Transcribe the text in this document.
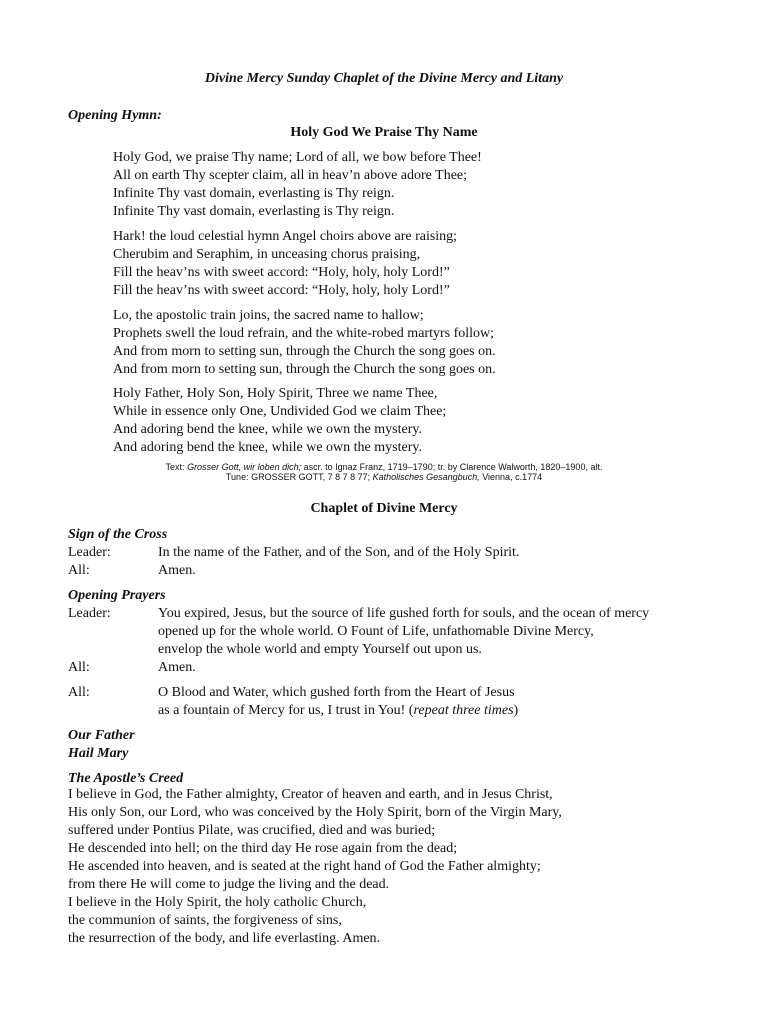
Divine Mercy Sunday Chaplet of the Divine Mercy and Litany
Opening Hymn:
Holy God We Praise Thy Name
Holy God, we praise Thy name; Lord of all, we bow before Thee!
All on earth Thy scepter claim, all in heav’n above adore Thee;
Infinite Thy vast domain, everlasting is Thy reign.
Infinite Thy vast domain, everlasting is Thy reign.
Hark! the loud celestial hymn Angel choirs above are raising;
Cherubim and Seraphim, in unceasing chorus praising,
Fill the heav’ns with sweet accord: “Holy, holy, holy Lord!”
Fill the heav’ns with sweet accord: “Holy, holy, holy Lord!”
Lo, the apostolic train joins, the sacred name to hallow;
Prophets swell the loud refrain, and the white-robed martyrs follow;
And from morn to setting sun, through the Church the song goes on.
And from morn to setting sun, through the Church the song goes on.
Holy Father, Holy Son, Holy Spirit, Three we name Thee,
While in essence only One, Undivided God we claim Thee;
And adoring bend the knee, while we own the mystery.
And adoring bend the knee, while we own the mystery.
Text: Grosser Gott, wir loben dich; ascr. to Ignaz Franz, 1719–1790; tr. by Clarence Walworth, 1820–1900, alt.
Tune: GROSSER GOTT, 7 8 7 8 77; Katholisches Gesangbuch, Vienna, c.1774
Chaplet of Divine Mercy
Sign of the Cross
Leader:	In the name of the Father, and of the Son, and of the Holy Spirit.
All:	Amen.
Opening Prayers
Leader:	You expired, Jesus, but the source of life gushed forth for souls, and the ocean of mercy
opened up for the whole world. O Fount of Life, unfathomable Divine Mercy,
envelop the whole world and empty Yourself out upon us.
All:	Amen.
All:	O Blood and Water, which gushed forth from the Heart of Jesus
as a fountain of Mercy for us, I trust in You! (repeat three times)
Our Father
Hail Mary
The Apostle’s Creed
I believe in God, the Father almighty, Creator of heaven and earth, and in Jesus Christ,
His only Son, our Lord, who was conceived by the Holy Spirit, born of the Virgin Mary,
suffered under Pontius Pilate, was crucified, died and was buried;
He descended into hell; on the third day He rose again from the dead;
He ascended into heaven, and is seated at the right hand of God the Father almighty;
from there He will come to judge the living and the dead.
I believe in the Holy Spirit, the holy catholic Church,
the communion of saints, the forgiveness of sins,
the resurrection of the body, and life everlasting. Amen.
